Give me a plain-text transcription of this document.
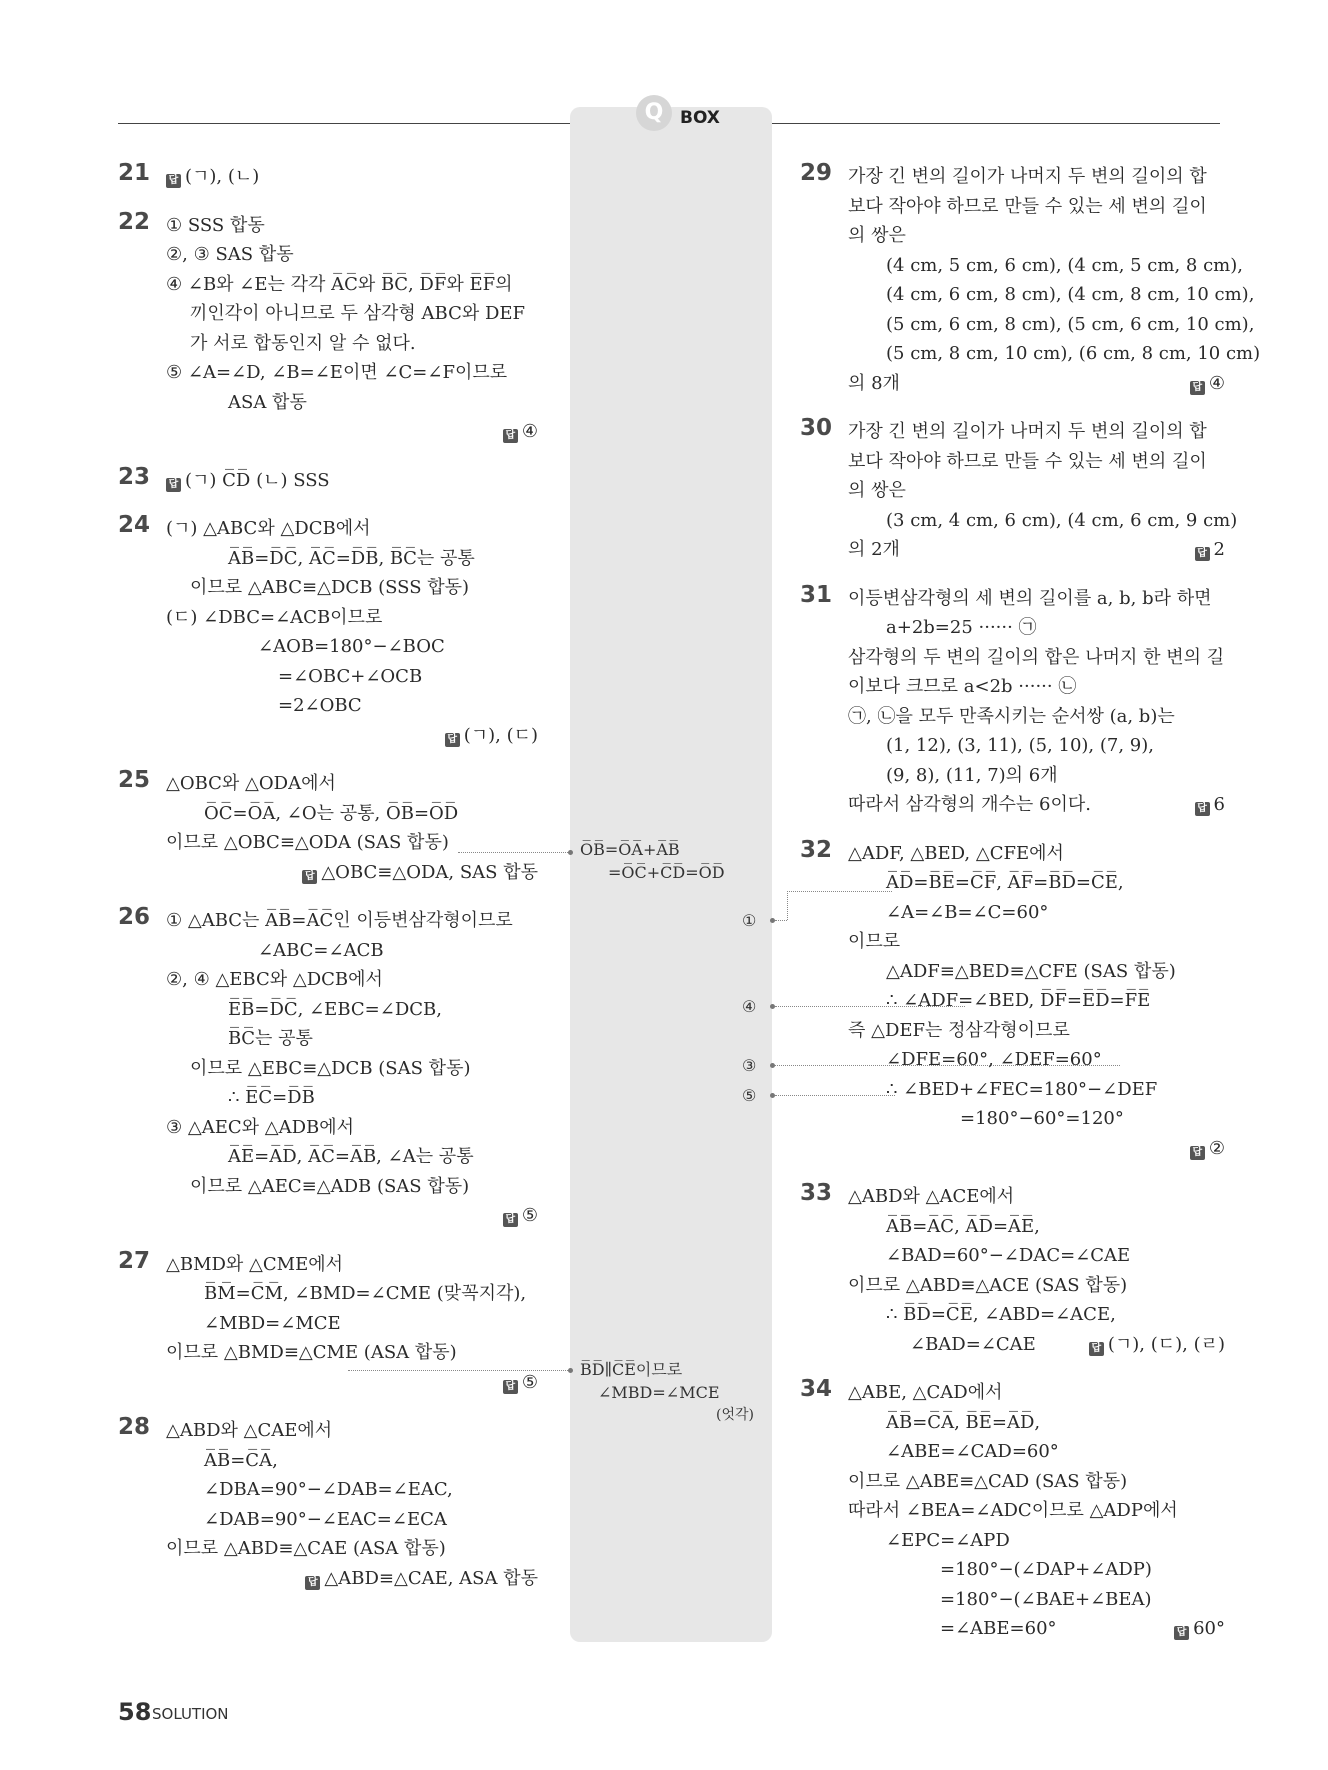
Q BOX
21 답 (ㄱ), (ㄴ)
22 ① SSS 합동
②, ③ SAS 합동
④ ∠B와 ∠E는 각각 A̅C̅와 B̅C̅, D̅F̅와 E̅F̅의
끼인각이 아니므로 두 삼각형 ABC와 DEF
가 서로 합동인지 알 수 없다.
⑤ ∠A=∠D, ∠B=∠E이면 ∠C=∠F이므로
ASA 합동
답 ④
23 답 (ㄱ) C̅D̅ (ㄴ) SSS
24 (ㄱ) △ABC와 △DCB에서
A̅B̅=D̅C̅, A̅C̅=D̅B̅, B̅C̅는 공통
이므로 △ABC≡△DCB (SSS 합동)
(ㄷ) ∠DBC=∠ACB이므로
∠AOB=180°−∠BOC
=∠OBC+∠OCB
=2∠OBC
답 (ㄱ), (ㄷ)
25 △OBC와 △ODA에서
O̅C̅=O̅A̅, ∠O는 공통, O̅B̅=O̅D̅
이므로 △OBC≡△ODA (SAS 합동)
답 △OBC≡△ODA, SAS 합동
26 ① △ABC는 A̅B̅=A̅C̅인 이등변삼각형이므로
∠ABC=∠ACB
②, ④ △EBC와 △DCB에서
E̅B̅=D̅C̅, ∠EBC=∠DCB,
B̅C̅는 공통
이므로 △EBC≡△DCB (SAS 합동)
∴ E̅C̅=D̅B̅
③ △AEC와 △ADB에서
A̅E̅=A̅D̅, A̅C̅=A̅B̅, ∠A는 공통
이므로 △AEC≡△ADB (SAS 합동)
답 ⑤
27 △BMD와 △CME에서
B̅M̅=C̅M̅, ∠BMD=∠CME (맞꼭지각),
∠MBD=∠MCE
이므로 △BMD≡△CME (ASA 합동)
답 ⑤
28 △ABD와 △CAE에서
A̅B̅=C̅A̅,
∠DBA=90°−∠DAB=∠EAC,
∠DAB=90°−∠EAC=∠ECA
이므로 △ABD≡△CAE (ASA 합동)
답 △ABD≡△CAE, ASA 합동
29 가장 긴 변의 길이가 나머지 두 변의 길이의 합
보다 작아야 하므로 만들 수 있는 세 변의 길이
의 쌍은
(4 cm, 5 cm, 6 cm), (4 cm, 5 cm, 8 cm),
(4 cm, 6 cm, 8 cm), (4 cm, 8 cm, 10 cm),
(5 cm, 6 cm, 8 cm), (5 cm, 6 cm, 10 cm),
(5 cm, 8 cm, 10 cm), (6 cm, 8 cm, 10 cm)
의 8개	답 ④
30 가장 긴 변의 길이가 나머지 두 변의 길이의 합
보다 작아야 하므로 만들 수 있는 세 변의 길이
의 쌍은
(3 cm, 4 cm, 6 cm), (4 cm, 6 cm, 9 cm)
의 2개	답 2
31 이등변삼각형의 세 변의 길이를 a, b, b라 하면
a+2b=25 ······ ㉠
삼각형의 두 변의 길이의 합은 나머지 한 변의 길
이보다 크므로 a<2b ······ ㉡
㉠, ㉡을 모두 만족시키는 순서쌍 (a, b)는
(1, 12), (3, 11), (5, 10), (7, 9),
(9, 8), (11, 7)의 6개
따라서 삼각형의 개수는 6이다.	답 6
32 △ADF, △BED, △CFE에서
A̅D̅=B̅E̅=C̅F̅, A̅F̅=B̅D̅=C̅E̅,
∠A=∠B=∠C=60°
이므로
△ADF≡△BED≡△CFE (SAS 합동)
∴ ∠ADF=∠BED, D̅F̅=E̅D̅=F̅E̅
즉 △DEF는 정삼각형이므로
∠DFE=60°, ∠DEF=60°
∴ ∠BED+∠FEC=180°−∠DEF
=180°−60°=120°
답 ②
33 △ABD와 △ACE에서
A̅B̅=A̅C̅, A̅D̅=A̅E̅,
∠BAD=60°−∠DAC=∠CAE
이므로 △ABD≡△ACE (SAS 합동)
∴ B̅D̅=C̅E̅, ∠ABD=∠ACE,
∠BAD=∠CAE	답 (ㄱ), (ㄷ), (ㄹ)
34 △ABE, △CAD에서
A̅B̅=C̅A̅, B̅E̅=A̅D̅,
∠ABE=∠CAD=60°
이므로 △ABE≡△CAD (SAS 합동)
따라서 ∠BEA=∠ADC이므로 △ADP에서
∠EPC=∠APD
=180°−(∠DAP+∠ADP)
=180°−(∠BAE+∠BEA)
=∠ABE=60°	답 60°
O̅B̅=O̅A̅+A̅B̅
=O̅C̅+C̅D̅=O̅D̅
①
④
③
⑤
B̅D̅∥C̅E̅이므로
∠MBD=∠MCE
(엇각)
58 SOLUTION
